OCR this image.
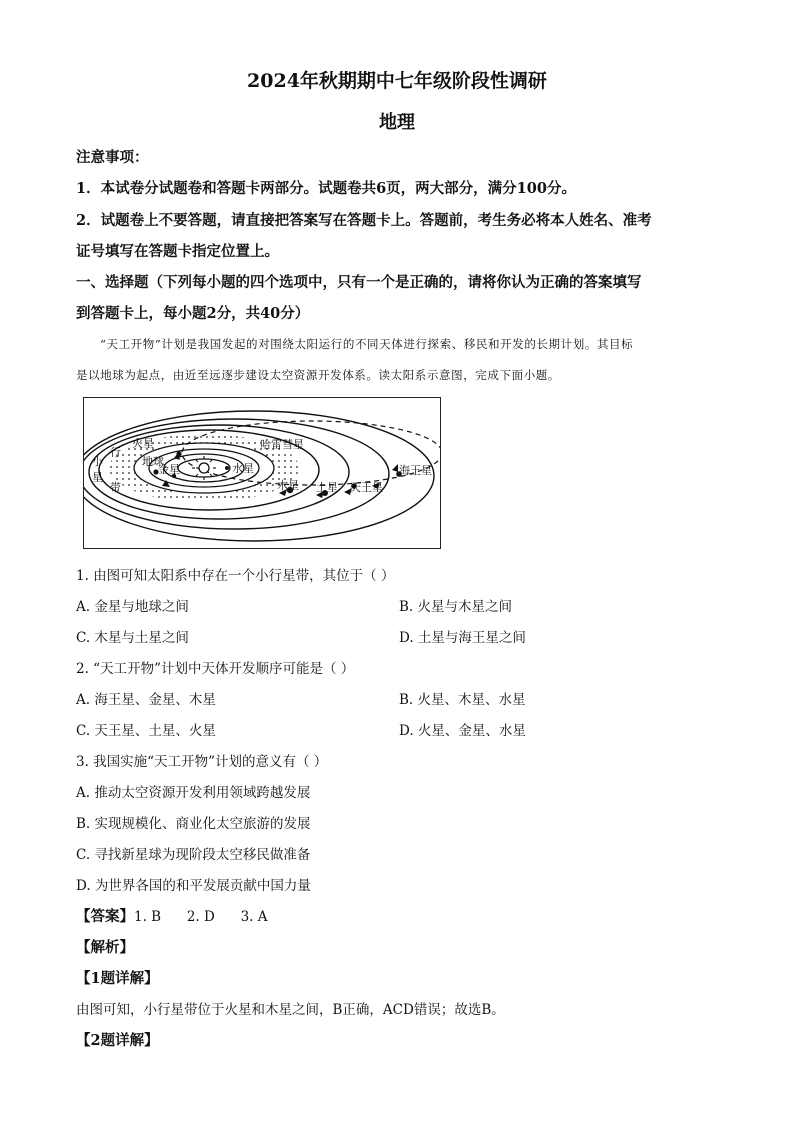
2024年秋期期中七年级阶段性调研
地理
注意事项：
1．本试卷分试题卷和答题卡两部分。试题卷共6页，两大部分，满分100分。
2．试题卷上不要答题，请直接把答案写在答题卡上。答题前，考生务必将本人姓名、准考
证号填写在答题卡指定位置上。
一、选择题（下列每小题的四个选项中，只有一个是正确的，请将你认为正确的答案填写
到答题卡上，每小题2分，共40分）
“天工开物”计划是我国发起的对围绕太阳运行的不同天体进行探索、移民和开发的长期计划。其目标
是以地球为起点，由近至远逐步建设太空资源开发体系。读太阳系示意图，完成下面小题。
火星
小
行
星
带
地球
金星	水星
哈雷彗星
木星 土星 天王星
海王星
1. 由图可知太阳系中存在一个小行星带，其位于（ ）
A. 金星与地球之间	B. 火星与木星之间
C. 木星与土星之间	D. 土星与海王星之间
2. “天工开物”计划中天体开发顺序可能是（ ）
A. 海王星、金星、木星	B. 火星、木星、水星
C. 天王星、土星、火星	D. 火星、金星、水星
3. 我国实施“天工开物”计划的意义有（ ）
A. 推动太空资源开发利用领域跨越发展
B. 实现规模化、商业化太空旅游的发展
C. 寻找新星球为现阶段太空移民做准备
D. 为世界各国的和平发展贡献中国力量
【答案】1. B      2. D      3. A
【解析】
【1题详解】
由图可知，小行星带位于火星和木星之间，B正确，ACD错误；故选B。
【2题详解】
